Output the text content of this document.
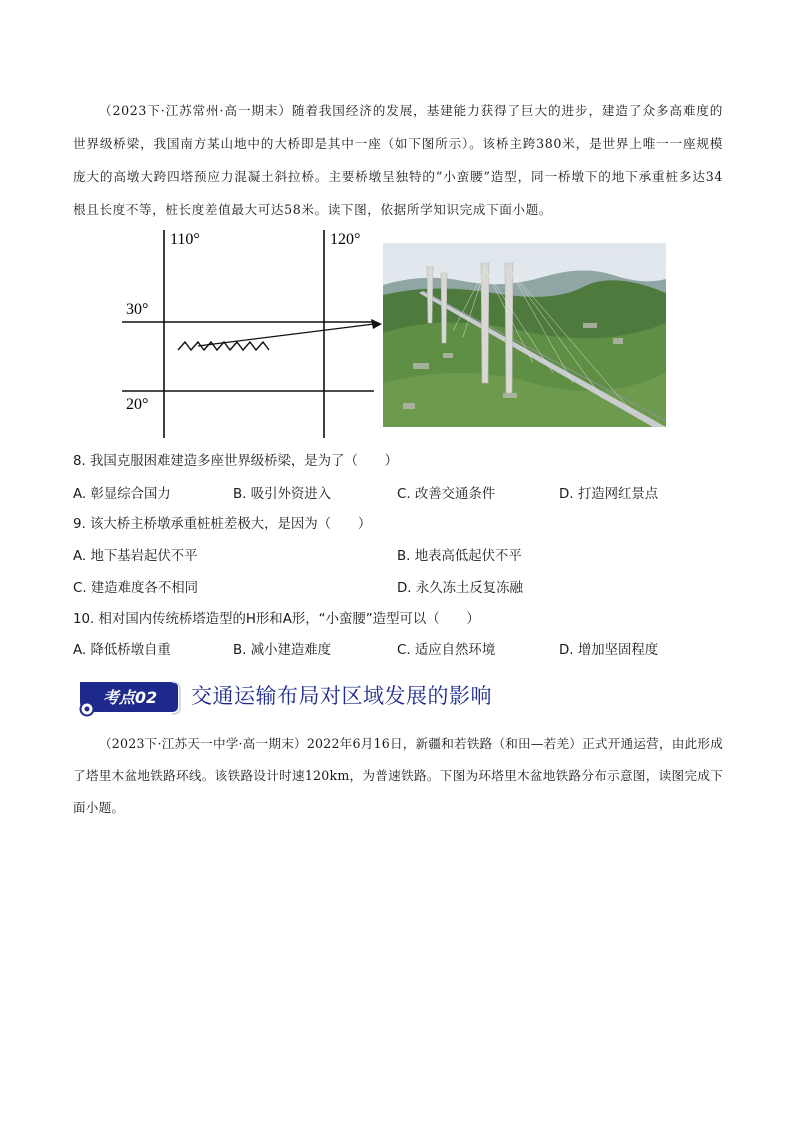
（2023下·江苏常州·高一期末）随着我国经济的发展，基建能力获得了巨大的进步，建造了众多高难度的世界级桥梁，我国南方某山地中的大桥即是其中一座（如下图所示）。该桥主跨380米，是世界上唯一一座规模庞大的高墩大跨四塔预应力混凝土斜拉桥。主要桥墩呈独特的“小蛮腰”造型，同一桥墩下的地下承重桩多达34根且长度不等，桩长度差值最大可达58米。读下图，依据所学知识完成下面小题。
110°	120°
30°
20°
8. 我国克服困难建造多座世界级桥梁，是为了（　　）
A. 彰显综合国力	B. 吸引外资进入	C. 改善交通条件	D. 打造网红景点
9. 该大桥主桥墩承重桩桩差极大，是因为（　　）
A. 地下基岩起伏不平	B. 地表高低起伏不平
C. 建造难度各不相同	D. 永久冻土反复冻融
10. 相对国内传统桥塔造型的H形和A形，“小蛮腰”造型可以（　　）
A. 降低桥墩自重	B. 减小建造难度	C. 适应自然环境	D. 增加坚固程度
考点02 交通运输布局对区域发展的影响
（2023下·江苏天一中学·高一期末）2022年6月16日，新疆和若铁路（和田—若羌）正式开通运营，由此形成了塔里木盆地铁路环线。该铁路设计时速120km，为普速铁路。下图为环塔里木盆地铁路分布示意图，读图完成下面小题。
